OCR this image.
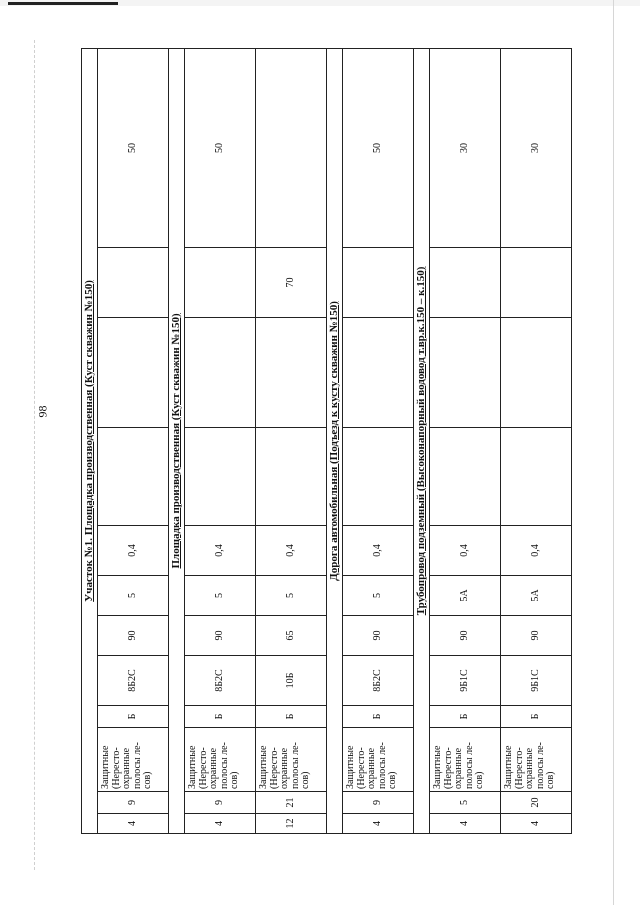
98	Участок №1. Площадка производственная (Куст скважин №150)											
4	9	Защитные (Нересто-охранные полосы ле-сов)	Б	8Б2С	90	5	0,4				50
Площадка производственная (Куст скважин №150)											
4	9	Защитные (Нересто-охранные полосы ле-сов)	Б	8Б2С	90	5	0,4				50
12	21	Защитные (Нересто-охранные полосы ле-сов)	Б	10Б	65	5	0,4			70	
Дорога автомобильная (Подъезд к кусту скважин №150)											
4	9	Защитные (Нересто-охранные полосы ле-сов)	Б	8Б2С	90	5	0,4				50
Трубопровод подземный (Высоконапорный водовод т.вр.к.150 – к.150)											
4	5	Защитные (Нересто-охранные полосы ле-сов)	Б	9Б1С	90	5А	0,4				30
4	20	Защитные (Нересто-охранные полосы ле-сов)	Б	9Б1С	90	5А	0,4				30
